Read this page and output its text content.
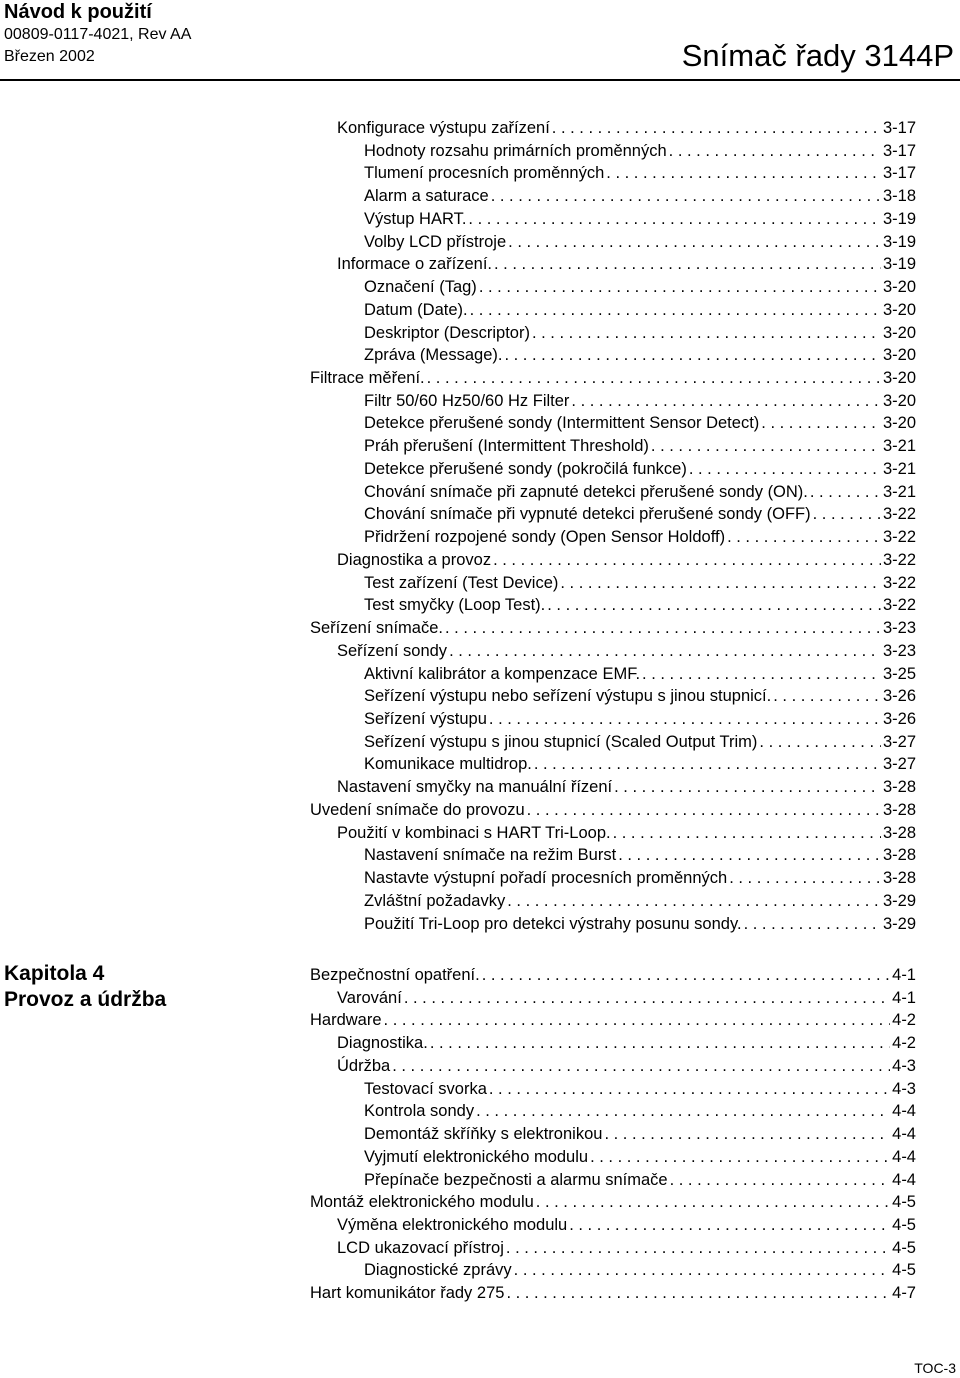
Návod k použití
00809-0117-4021, Rev AA
Březen 2002	Snímač řady 3144P
Konfigurace výstupu zařízení . . .	3-17
Hodnoty rozsahu primárních proměnných . . .	3-17
Tlumení procesních proměnných . . .	3-17
Alarm a saturace . . .	3-18
Výstup HART. . . .	3-19
Volby LCD přístroje . . .	3-19
Informace o zařízení. . . .	3-19
Označení (Tag) . . .	3-20
Datum (Date). . . .	3-20
Deskriptor (Descriptor) . . .	3-20
Zpráva (Message). . . .	3-20
Filtrace měření. . . .	3-20
Filtr 50/60 Hz50/60 Hz Filter . . .	3-20
Detekce přerušené sondy (Intermittent Sensor Detect) . . .	3-20
Práh přerušení (Intermittent Threshold) . . .	3-21
Detekce přerušené sondy (pokročilá funkce) . . .	3-21
Chování snímače při zapnuté detekci přerušené sondy (ON). . . .	3-21
Chování snímače při vypnuté detekci přerušené sondy (OFF) . . .	3-22
Přidržení rozpojené sondy (Open Sensor Holdoff) . . .	3-22
Diagnostika a provoz . . .	3-22
Test zařízení (Test Device) . . .	3-22
Test smyčky (Loop Test). . . .	3-22
Seřízení snímače. . . .	3-23
Seřízení sondy . . .	3-23
Aktivní kalibrátor a kompenzace EMF. . . .	3-25
Seřízení výstupu nebo seřízení výstupu s jinou stupnicí. . . .	3-26
Seřízení výstupu . . .	3-26
Seřízení výstupu s jinou stupnicí (Scaled Output Trim) . . .	3-27
Komunikace multidrop. . . .	3-27
Nastavení smyčky na manuální řízení . . .	3-28
Uvedení snímače do provozu . . .	3-28
Použití v kombinaci s HART Tri-Loop. . . .	3-28
Nastavení snímače na režim Burst . . .	3-28
Nastavte výstupní pořadí procesních proměnných . . .	3-28
Zvláštní požadavky . . .	3-29
Použití Tri-Loop pro detekci výstrahy posunu sondy. . . .	3-29
Kapitola 4
Provoz a údržba
Bezpečnostní opatření. . . .	4-1
Varování . . .	4-1
Hardware . . .	4-2
Diagnostika. . . .	4-2
Údržba . . .	4-3
Testovací svorka . . .	4-3
Kontrola sondy . . .	4-4
Demontáž skříňky s elektronikou . . .	4-4
Vyjmutí elektronického modulu . . .	4-4
Přepínače bezpečnosti a alarmu snímače . . .	4-4
Montáž elektronického modulu . . .	4-5
Výměna elektronického modulu . . .	4-5
LCD ukazovací přístroj . . .	4-5
Diagnostické zprávy . . .	4-5
Hart komunikátor řady 275 . . .	4-7
TOC-3
